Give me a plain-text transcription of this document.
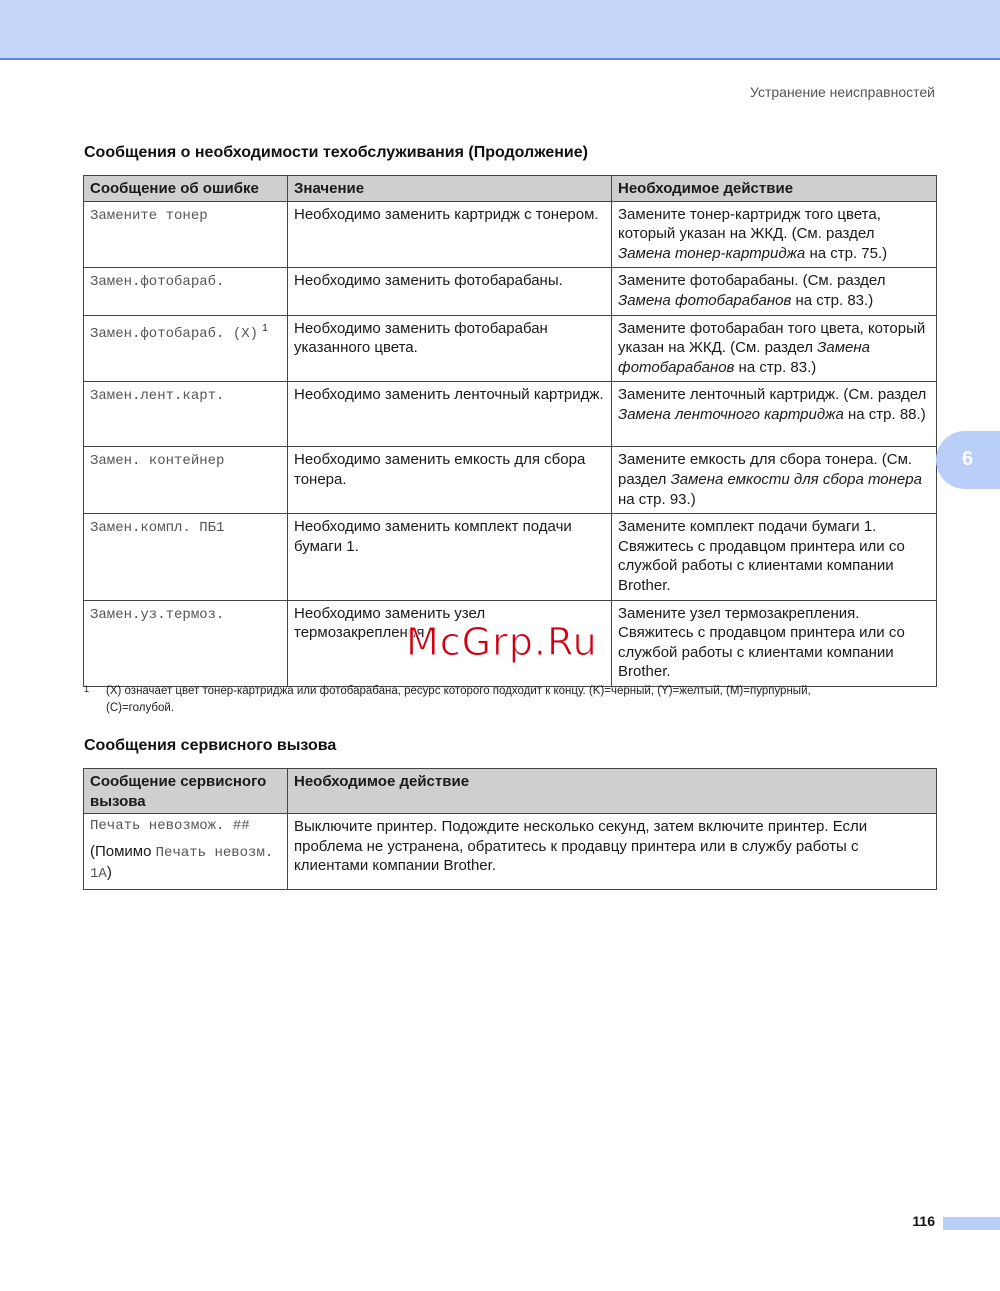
Устранение неисправностей
Сообщения о необходимости техобслуживания (Продолжение)
Сообщение об ошибке	Значение	Необходимое действие
Замените тонер	Необходимо заменить картридж с тонером.	Замените тонер-картридж того цвета, который указан на ЖКД. (См. раздел Замена тонер-картриджа на стр. 75.)
Замен.фотобараб.	Необходимо заменить фотобарабаны.	Замените фотобарабаны. (См. раздел Замена фотобарабанов на стр. 83.)
Замен.фотобараб. (X) $^1$	Необходимо заменить фотобарабан указанного цвета.	Замените фотобарабан того цвета, который указан на ЖКД. (См. раздел Замена фотобарабанов на стр. 83.)
Замен.лент.карт.	Необходимо заменить ленточный картридж.	Замените ленточный картридж. (См. раздел Замена ленточного картриджа на стр. 88.)
Замен. контейнер	Необходимо заменить емкость для сбора тонера.	Замените емкость для сбора тонера. (См. раздел Замена емкости для сбора тонера на стр. 93.)
Замен.компл. ПБ1	Необходимо заменить комплект подачи бумаги 1.	Замените комплект подачи бумаги 1. Свяжитесь с продавцом принтера или со службой работы с клиентами компании Brother.
Замен.уз.термоз.	Необходимо заменить узел термозакрепления.	Замените узел термозакрепления. Свяжитесь с продавцом принтера или со службой работы с клиентами компании Brother.
1	(X) означает цвет тонер-картриджа или фотобарабана, ресурс которого подходит к концу. (K)=черный, (Y)=желтый, (M)=пурпурный,
(C)=голубой.
Сообщения сервисного вызова
Сообщение сервисного вызова	Необходимое действие

Печать невозмож. ##
(Помимо Печать невозм. 1A)	Выключите принтер. Подождите несколько секунд, затем включите принтер. Если проблема не устранена, обратитесь к продавцу принтера или в службу работы с клиентами компании Brother.
McGrp.Ru
6
116
